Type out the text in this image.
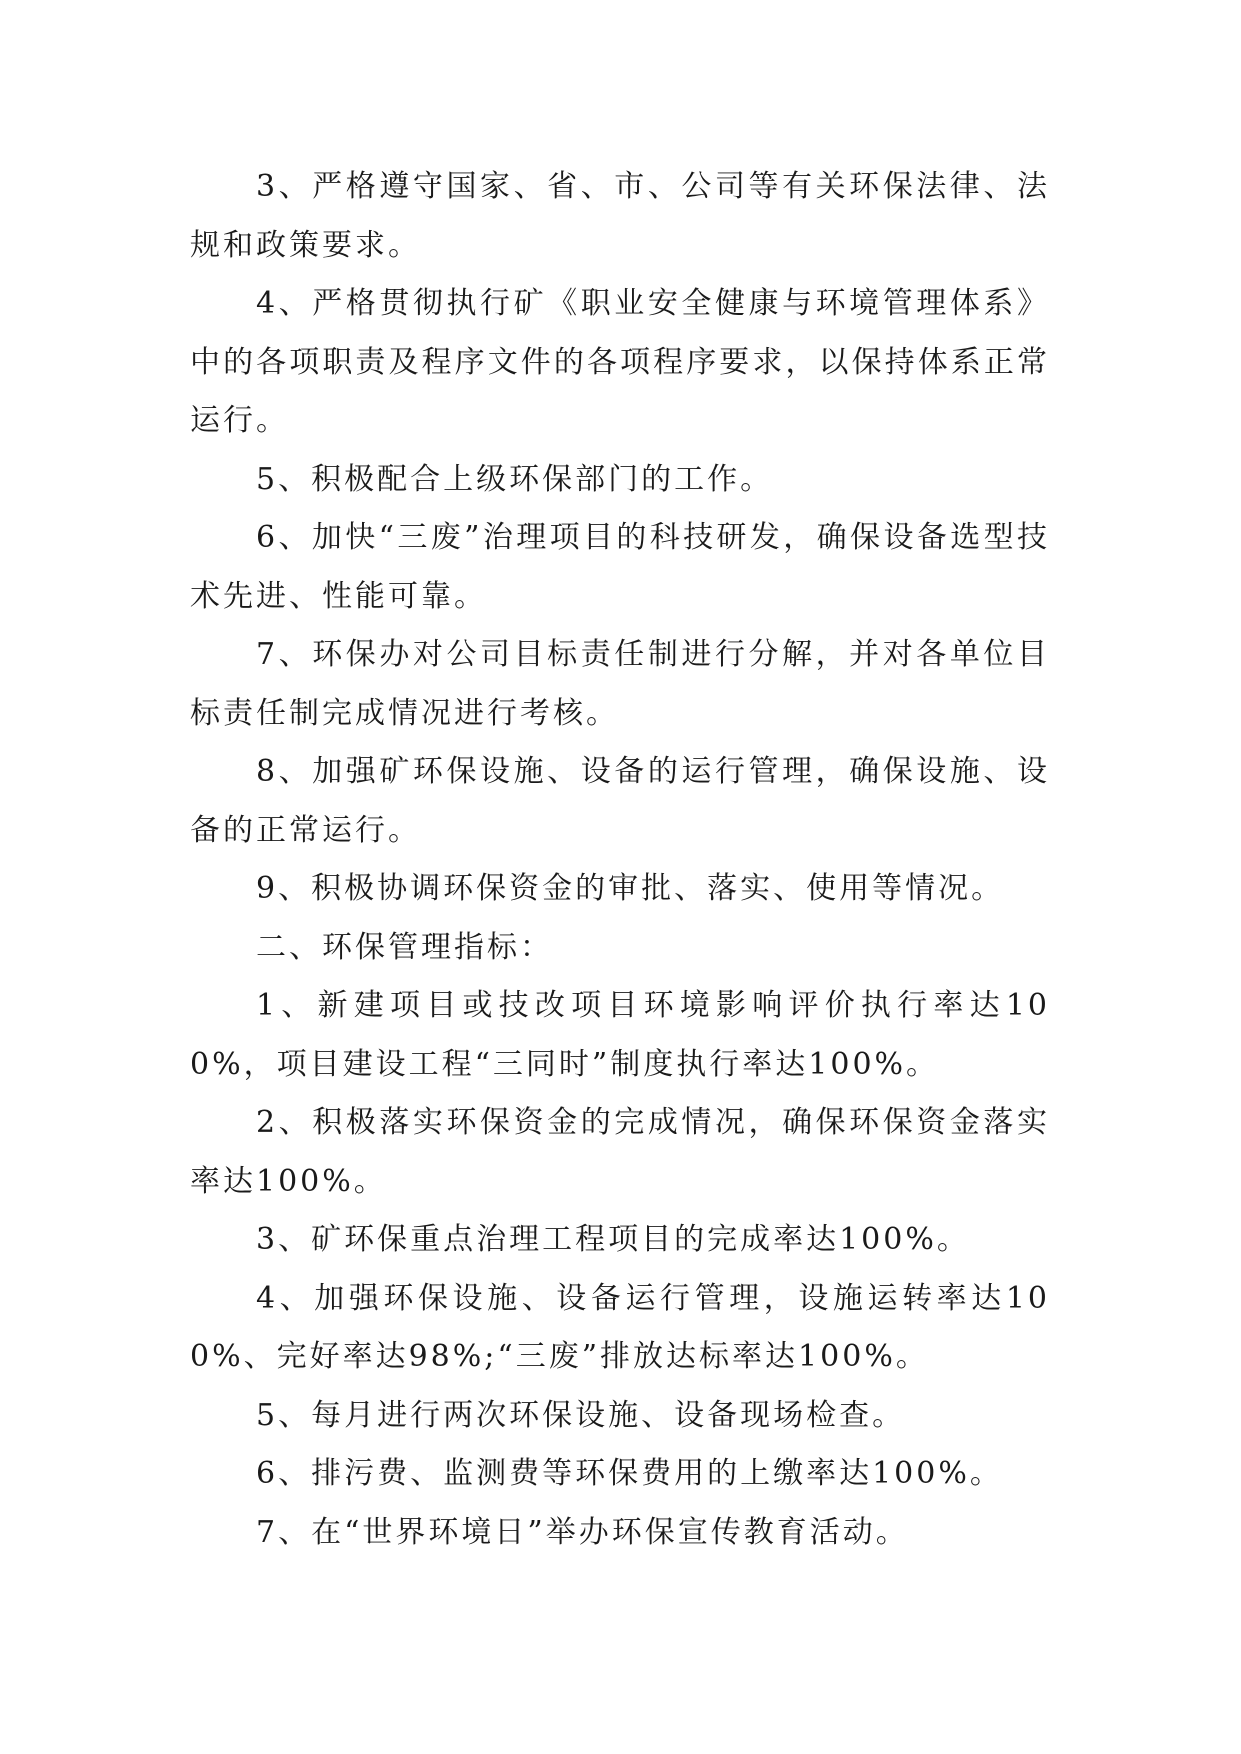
3、严格遵守国家、省、市、公司等有关环保法律、法规和政策要求。

4、严格贯彻执行矿《职业安全健康与环境管理体系》中的各项职责及程序文件的各项程序要求，以保持体系正常运行。

5、积极配合上级环保部门的工作。

6、加快“三废”治理项目的科技研发，确保设备选型技术先进、性能可靠。

7、环保办对公司目标责任制进行分解，并对各单位目标责任制完成情况进行考核。

8、加强矿环保设施、设备的运行管理，确保设施、设备的正常运行。

9、积极协调环保资金的审批、落实、使用等情况。

二、环保管理指标：

1、新建项目或技改项目环境影响评价执行率达100%，项目建设工程“三同时”制度执行率达100%。

2、积极落实环保资金的完成情况，确保环保资金落实率达100%。

3、矿环保重点治理工程项目的完成率达100%。

4、加强环保设施、设备运行管理，设施运转率达100%、完好率达98%;“三废”排放达标率达100%。

5、每月进行两次环保设施、设备现场检查。

6、排污费、监测费等环保费用的上缴率达100%。

7、在“世界环境日”举办环保宣传教育活动。
